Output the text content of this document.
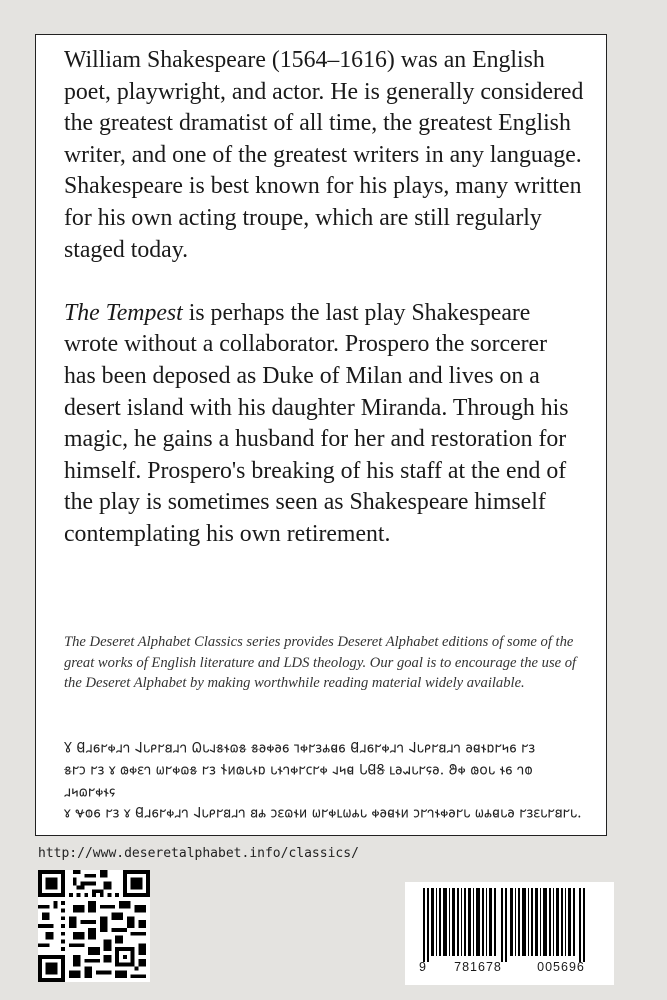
William Shakespeare (1564–1616) was an English poet, playwright, and actor. He is generally considered the greatest dramatist of all time, the greatest English writer, and one of the greatest writers in any language. Shakespeare is best known for his plays, many written for his own acting troupe, which are still regularly staged today.

The Tempest is perhaps the last play Shakespeare wrote without a collaborator. Prospero the sorcerer has been deposed as Duke of Milan and lives on a desert island with his daughter Miranda. Through his magic, he gains a husband for her and restoration for himself. Prospero's breaking of his staff at the end of the play is sometimes seen as Shakespeare himself contemplating his own retirement.

The Deseret Alphabet Classics series provides Deseret Alphabet editions of some of the great works of English literature and LDS theology. Our goal is to encourage the use of the Deseret Alphabet by making worthwhile reading material widely available.
𐐜 𐐔𐐯𐑆𐐲𐑉𐐯𐐻 𐐈𐑊𐑁𐐲𐐺𐐯𐐻 𐐗𐑊𐐰𐑅𐐮𐐿𐑅 𐑅𐐨𐑉𐐨𐑆 𐐹𐑉𐐲𐑂𐐴𐐼𐑆 𐐔𐐯𐑆𐐲𐑉𐐯𐐻 𐐈𐑊𐑁𐐲𐐺𐐯𐐻 𐐨𐐼𐐮𐑇𐐲𐑌𐑆 𐐲𐑂
𐑅𐐲𐑋 𐐲𐑂 𐑄 𐑀𐑉𐐩𐐻 𐐶𐐲𐑉𐐿𐑅 𐐲𐑂 𐐆𐑍𐑀𐑊𐐮𐑇 𐑊𐐮𐐻𐑉𐐲𐐽𐐲𐑉 𐐰𐑌𐐼 𐐢𐐔𐐝 𐑃𐐨𐐱𐑊𐐲𐐾𐐨. 𐐍𐑉 𐑀𐐬𐑊 𐐮𐑆 𐐻𐐭 𐐯𐑌𐐿𐐲𐑉𐐮𐐾
𐑄 𐐷𐐭𐑆 𐐲𐑂 𐑄 𐐔𐐯𐑆𐐲𐑉𐐯𐐻 𐐈𐑊𐑁𐐲𐐺𐐯𐐻 𐐺𐐴 𐑋𐐩𐐿𐐮𐑍 𐐶𐐲𐑉𐑃𐐶𐐴𐑊 𐑉𐐨𐐼𐐮𐑍 𐑋𐐲𐐻𐐮𐑉𐐨𐐲𐑊 𐐶𐐴𐐼𐑊𐐨 𐐲𐑂𐐩𐑊𐐲𐐺𐐲𐑊.
http://www.deseretalphabet.info/classics/
9	781678	005696
